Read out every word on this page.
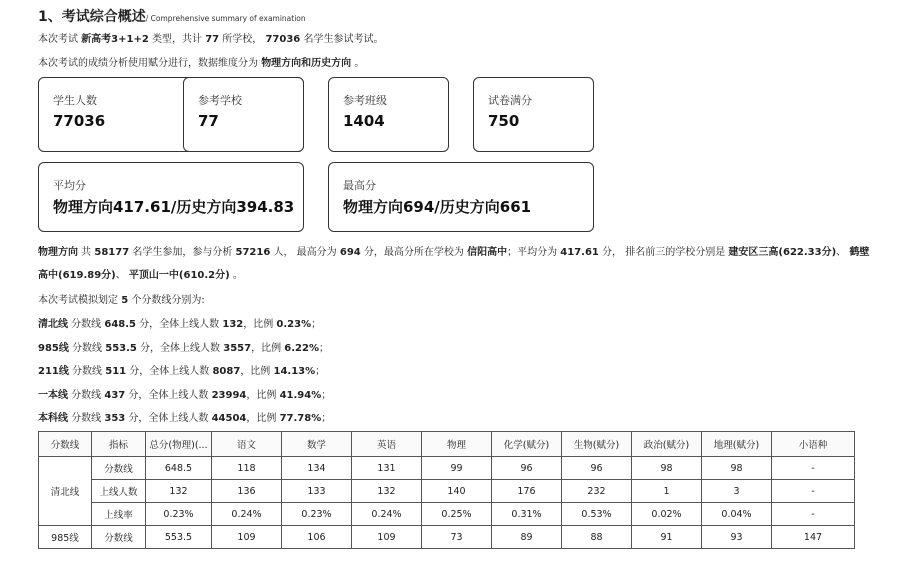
1、考试综合概述/ Comprehensive summary of examination
本次考试 新高考3+1+2 类型，共计 77 所学校， 77036 名学生参试考试。
本次考试的成绩分析使用赋分进行，数据维度分为 物理方向和历史方向 。
学生人数
77036
参考学校
77
参考班级
1404
试卷满分
750
平均分
物理方向417.61/历史方向394.83
最高分
物理方向694/历史方向661
物理方向 共 58177 名学生参加，参与分析 57216 人， 最高分为 694 分，最高分所在学校为 信阳高中；平均分为 417.61 分， 排名前三的学校分别是 建安区三高(622.33分)、 鹤壁
高中(619.89分)、 平顶山一中(610.2分) 。
本次考试模拟划定 5 个分数线分别为:
清北线 分数线 648.5 分，全体上线人数 132，比例 0.23%；
985线 分数线 553.5 分，全体上线人数 3557，比例 6.22%；
211线 分数线 511 分，全体上线人数 8087，比例 14.13%；
一本线 分数线 437 分，全体上线人数 23994，比例 41.94%；
本科线 分数线 353 分，全体上线人数 44504，比例 77.78%；
分数线	指标	总分(物理)(...	语文	数学	英语	物理	化学(赋分)	生物(赋分)	政治(赋分)	地理(赋分)	小语种
清北线	分数线	648.5	118	134	131	99	96	96	98	98	-
	上线人数	132	136	133	132	140	176	232	1	3	-
	上线率	0.23%	0.24%	0.23%	0.24%	0.25%	0.31%	0.53%	0.02%	0.04%	-
985线	分数线	553.5	109	106	109	73	89	88	91	93	147
